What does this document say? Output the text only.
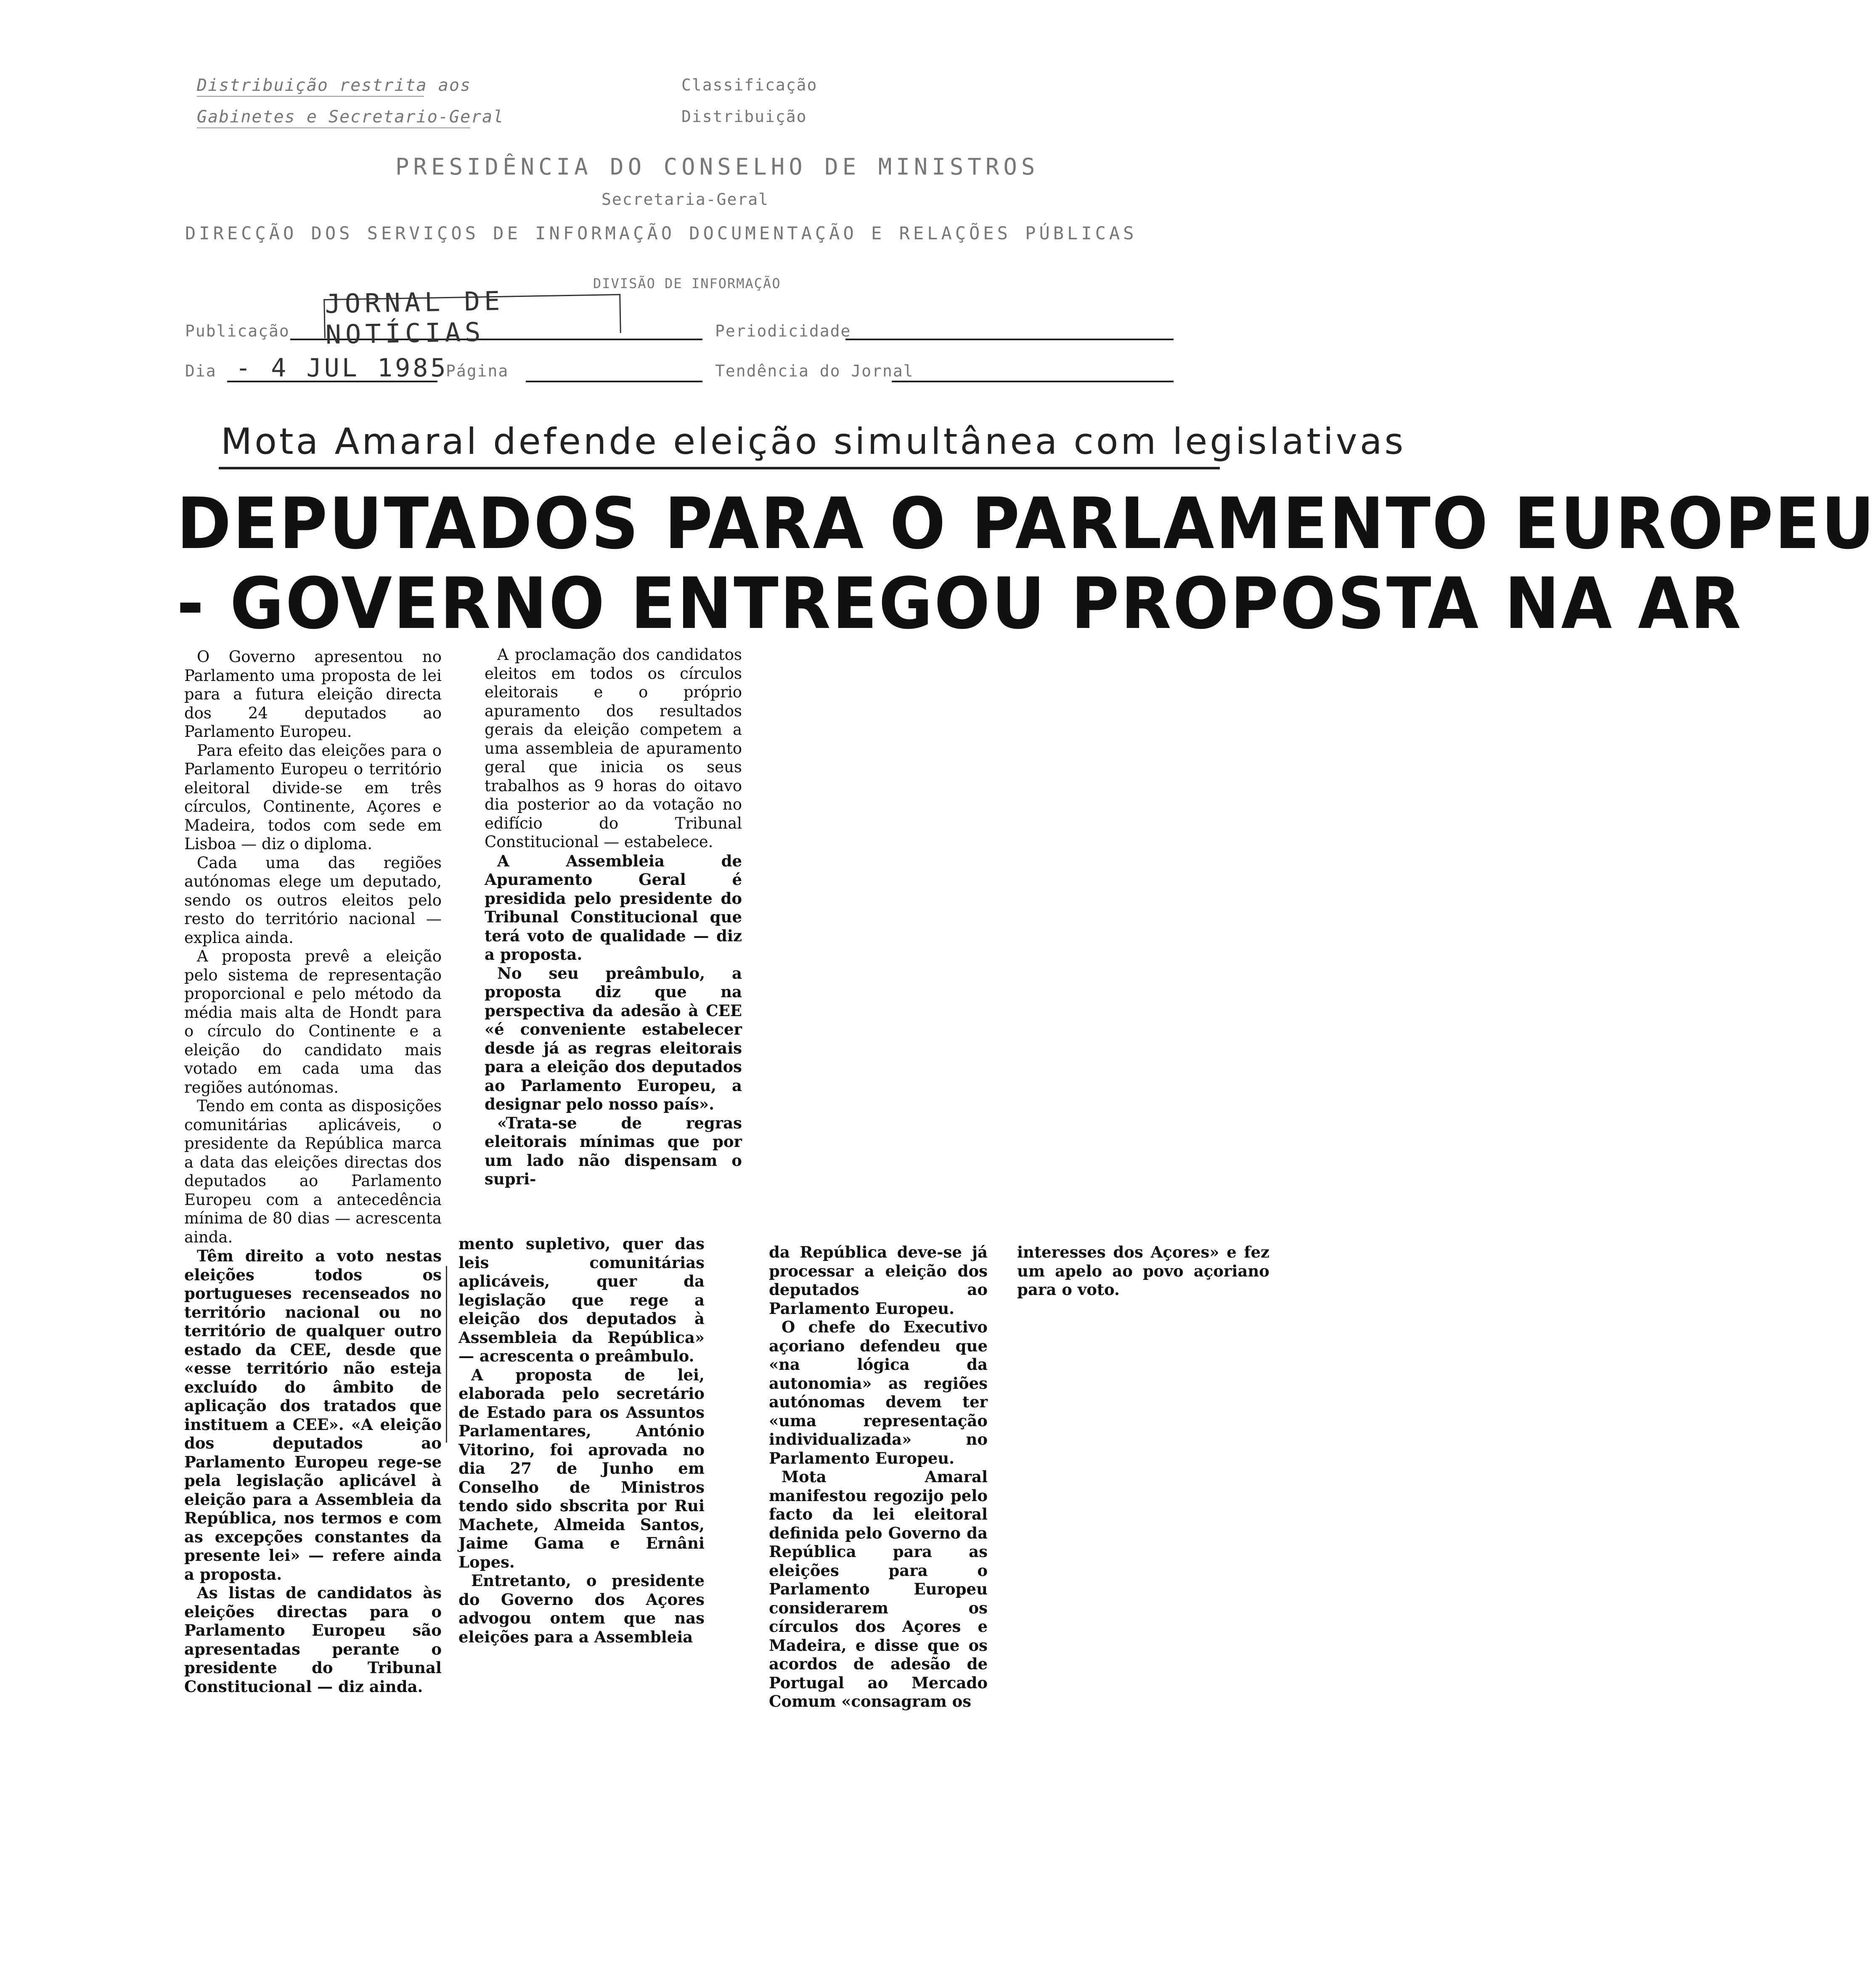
Distribuição restrita aos
Gabinetes e Secretario-Geral
Classificação
Distribuição
PRESIDÊNCIA DO CONSELHO DE MINISTROS
Secretaria-Geral
DIRECÇÃO DOS SERVIÇOS DE INFORMAÇÃO DOCUMENTAÇÃO E RELAÇÕES PÚBLICAS
DIVISÃO DE INFORMAÇÃO
Publicação
JORNAL DE NOTÍCIAS	Periodicidade
Dia - 4 JUL 1985
Página	Tendência do Jornal
Mota Amaral defende eleição simultânea com legislativas
DEPUTADOS PARA O PARLAMENTO EUROPEU
- GOVERNO ENTREGOU PROPOSTA NA AR

O Governo apresentou no Parlamento uma proposta de lei para a futura eleição directa dos 24 deputados ao Parlamento Europeu.

Para efeito das eleições para o Parlamento Europeu o território eleitoral divide-se em três círculos, Continente, Açores e Madeira, todos com sede em Lisboa — diz o diploma.

Cada uma das regiões autónomas elege um deputado, sendo os outros eleitos pelo resto do território nacional — explica ainda.

A proposta prevê a eleição pelo sistema de representação proporcional e pelo método da média mais alta de Hondt para o círculo do Continente e a eleição do candidato mais votado em cada uma das regiões autónomas.

Tendo em conta as disposições comunitárias aplicáveis, o presidente da República marca a data das eleições directas dos deputados ao Parlamento Europeu com a antecedência mínima de 80 dias — acrescenta ainda.

Têm direito a voto nestas eleições todos os portugueses recenseados no território nacional ou no território de qualquer outro estado da CEE, desde que «esse território não esteja excluído do âmbito de aplicação dos tratados que instituem a CEE». «A eleição dos deputados ao Parlamento Europeu rege-se pela legislação aplicável à eleição para a Assembleia da República, nos termos e com as excepções constantes da presente lei» — refere ainda a proposta.

As listas de candidatos às eleições directas para o Parlamento Europeu são apresentadas perante o presidente do Tribunal Constitucional — diz ainda.

A proclamação dos candidatos eleitos em todos os círculos eleitorais e o próprio apuramento dos resultados gerais da eleição competem a uma assembleia de apuramento geral que inicia os seus trabalhos as 9 horas do oitavo dia posterior ao da votação no edifício do Tribunal Constitucional — estabelece.

A Assembleia de Apuramento Geral é presidida pelo presidente do Tribunal Constitucional que terá voto de qualidade — diz a proposta.

No seu preâmbulo, a proposta diz que na perspectiva da adesão à CEE «é conveniente estabelecer desde já as regras eleitorais para a eleição dos deputados ao Parlamento Europeu, a designar pelo nosso país».

«Trata-se de regras eleitorais mínimas que por um lado não dispensam o supri-

mento supletivo, quer das leis comunitárias aplicáveis, quer da legislação que rege a eleição dos deputados à Assembleia da República» — acrescenta o preâmbulo.

A proposta de lei, elaborada pelo secretário de Estado para os Assuntos Parlamentares, António Vitorino, foi aprovada no dia 27 de Junho em Conselho de Ministros tendo sido sbscrita por Rui Machete, Almeida Santos, Jaime Gama e Ernâni Lopes.

Entretanto, o presidente do Governo dos Açores advogou ontem que nas eleições para a Assembleia

da República deve-se já processar a eleição dos deputados ao Parlamento Europeu.

O chefe do Executivo açoriano defendeu que «na lógica da autonomia» as regiões autónomas devem ter «uma representação individualizada» no Parlamento Europeu.

Mota Amaral manifestou regozijo pelo facto da lei eleitoral definida pelo Governo da República para as eleições para o Parlamento Europeu considerarem os círculos dos Açores e Madeira, e disse que os acordos de adesão de Portugal ao Mercado Comum «consagram os

interesses dos Açores» e fez um apelo ao povo açoriano para o voto.
